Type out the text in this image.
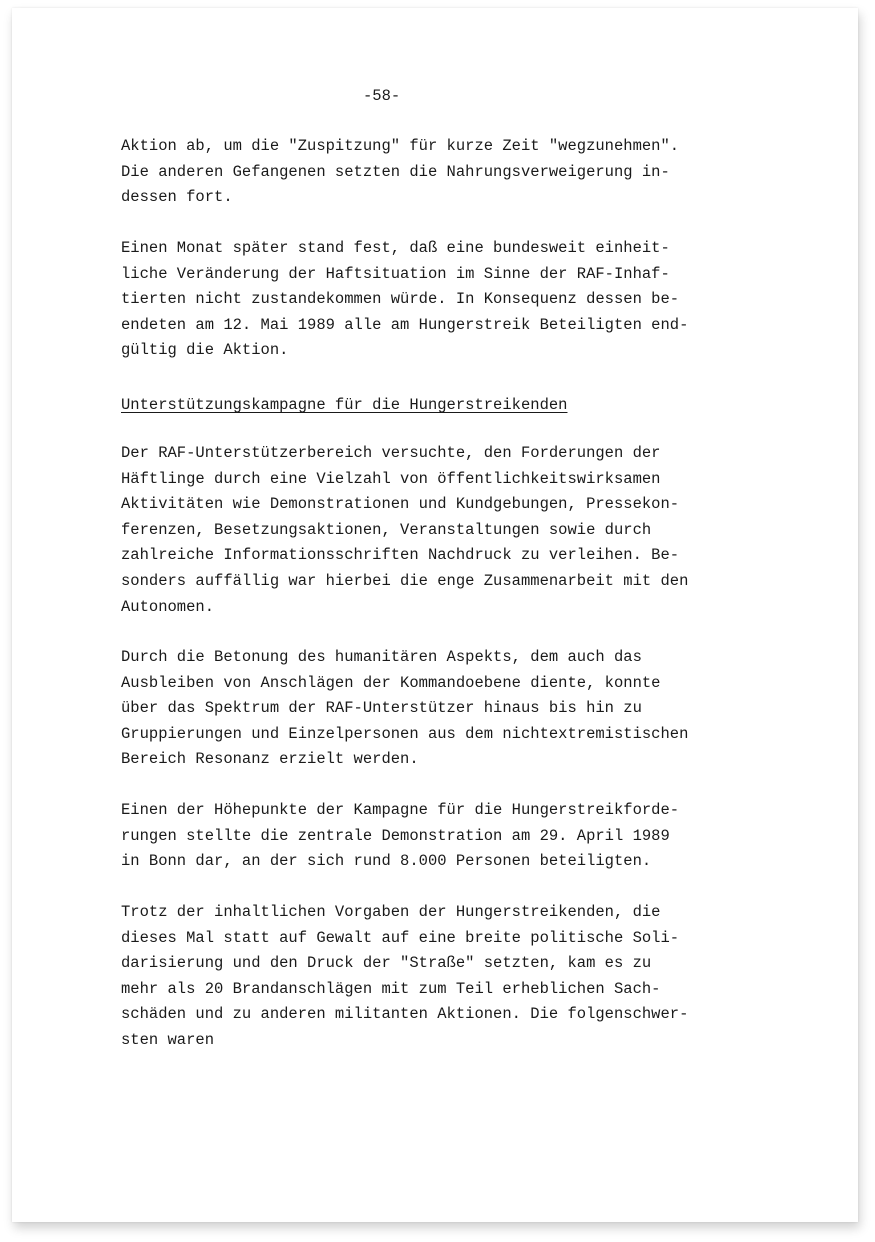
-58-

Aktion ab, um die "Zuspitzung" für kurze Zeit "wegzunehmen".
Die anderen Gefangenen setzten die Nahrungsverweigerung in-
dessen fort.

Einen Monat später stand fest, daß eine bundesweit einheit-
liche Veränderung der Haftsituation im Sinne der RAF-Inhaf-
tierten nicht zustandekommen würde. In Konsequenz dessen be-
endeten am 12. Mai 1989 alle am Hungerstreik Beteiligten end-
gültig die Aktion.

Unterstützungskampagne für die Hungerstreikenden

Der RAF-Unterstützerbereich versuchte, den Forderungen der
Häftlinge durch eine Vielzahl von öffentlichkeitswirksamen
Aktivitäten wie Demonstrationen und Kundgebungen, Pressekon-
ferenzen, Besetzungsaktionen, Veranstaltungen sowie durch
zahlreiche Informationsschriften Nachdruck zu verleihen. Be-
sonders auffällig war hierbei die enge Zusammenarbeit mit den
Autonomen.

Durch die Betonung des humanitären Aspekts, dem auch das
Ausbleiben von Anschlägen der Kommandoebene diente, konnte
über das Spektrum der RAF-Unterstützer hinaus bis hin zu
Gruppierungen und Einzelpersonen aus dem nichtextremistischen
Bereich Resonanz erzielt werden.

Einen der Höhepunkte der Kampagne für die Hungerstreikforde-
rungen stellte die zentrale Demonstration am 29. April 1989
in Bonn dar, an der sich rund 8.000 Personen beteiligten.

Trotz der inhaltlichen Vorgaben der Hungerstreikenden, die
dieses Mal statt auf Gewalt auf eine breite politische Soli-
darisierung und den Druck der "Straße" setzten, kam es zu
mehr als 20 Brandanschlägen mit zum Teil erheblichen Sach-
schäden und zu anderen militanten Aktionen. Die folgenschwer-
sten waren
